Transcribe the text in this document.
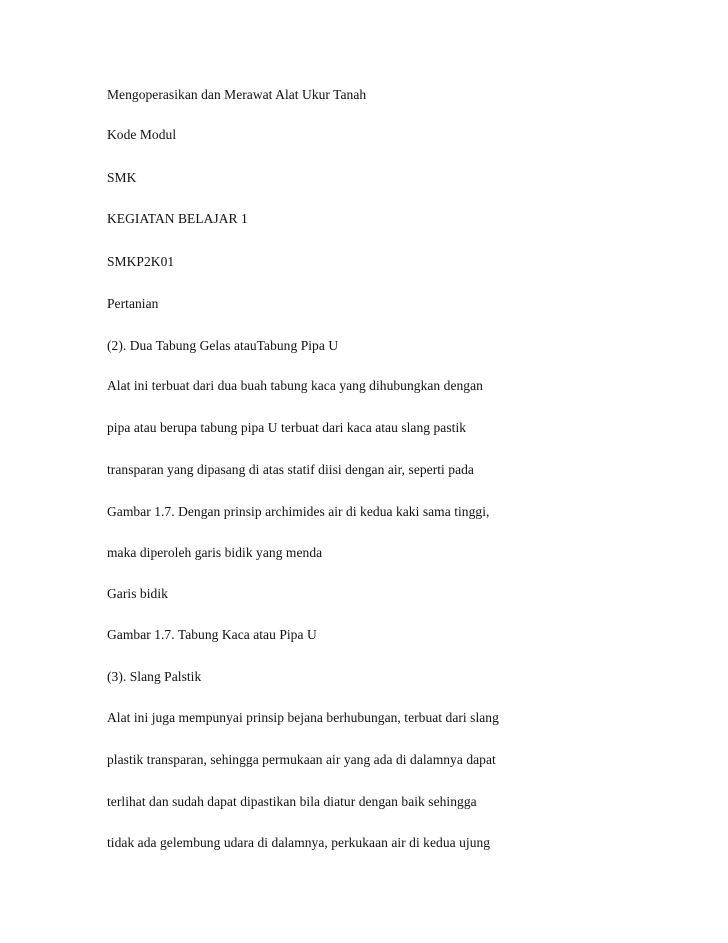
Mengoperasikan dan Merawat Alat Ukur Tanah
Kode Modul
SMK
KEGIATAN BELAJAR 1
SMKP2K01
Pertanian
(2). Dua Tabung Gelas atauTabung Pipa U
Alat ini terbuat dari dua buah tabung kaca yang dihubungkan dengan
pipa atau berupa tabung pipa U terbuat dari kaca atau slang pastik
transparan yang dipasang di atas statif diisi dengan air, seperti pada
Gambar 1.7. Dengan prinsip archimides air di kedua kaki sama tinggi,
maka diperoleh garis bidik yang menda
Garis bidik
Gambar 1.7. Tabung Kaca atau Pipa U
(3). Slang Palstik
Alat ini juga mempunyai prinsip bejana berhubungan, terbuat dari slang
plastik transparan, sehingga permukaan air yang ada di dalamnya dapat
terlihat dan sudah dapat dipastikan bila diatur dengan baik sehingga
tidak ada gelembung udara di dalamnya, perkukaan air di kedua ujung
